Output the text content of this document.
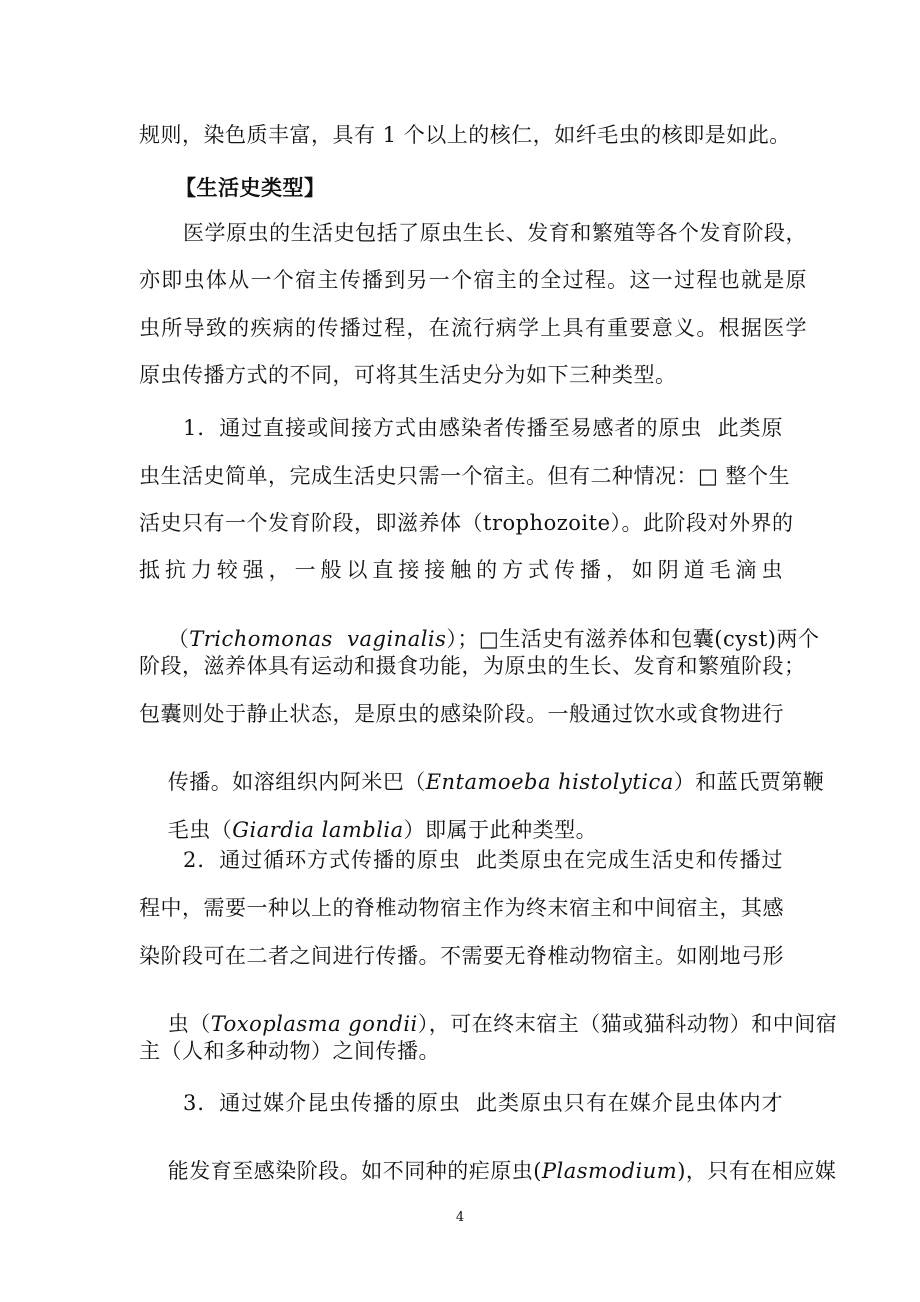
规则，染色质丰富，具有 1 个以上的核仁，如纤毛虫的核即是如此。
【生活史类型】
医学原虫的生活史包括了原虫生长、发育和繁殖等各个发育阶段，
亦即虫体从一个宿主传播到另一个宿主的全过程。这一过程也就是原
虫所导致的疾病的传播过程，在流行病学上具有重要意义。根据医学
原虫传播方式的不同，可将其生活史分为如下三种类型。
1．通过直接或间接方式由感染者传播至易感者的原虫  此类原
虫生活史简单，完成生活史只需一个宿主。但有二种情况：□ 整个生
活史只有一个发育阶段，即滋养体（trophozoite）。此阶段对外界的
抵抗力较强，一般以直接接触的方式传播，如阴道毛滴虫

（Trichomonas  vaginalis）；□生活史有滋养体和包囊(cyst)两个

阶段，滋养体具有运动和摄食功能，为原虫的生长、发育和繁殖阶段；
包囊则处于静止状态，是原虫的感染阶段。一般通过饮水或食物进行

传播。如溶组织内阿米巴（Entamoeba histolytica）和蓝氏贾第鞭

毛虫（Giardia lamblia）即属于此种类型。

2．通过循环方式传播的原虫  此类原虫在完成生活史和传播过
程中，需要一种以上的脊椎动物宿主作为终末宿主和中间宿主，其感
染阶段可在二者之间进行传播。不需要无脊椎动物宿主。如刚地弓形

虫（Toxoplasma gondii），可在终末宿主（猫或猫科动物）和中间宿

主（人和多种动物）之间传播。
3．通过媒介昆虫传播的原虫  此类原虫只有在媒介昆虫体内才

能发育至感染阶段。如不同种的疟原虫(Plasmodium)，只有在相应媒

4
